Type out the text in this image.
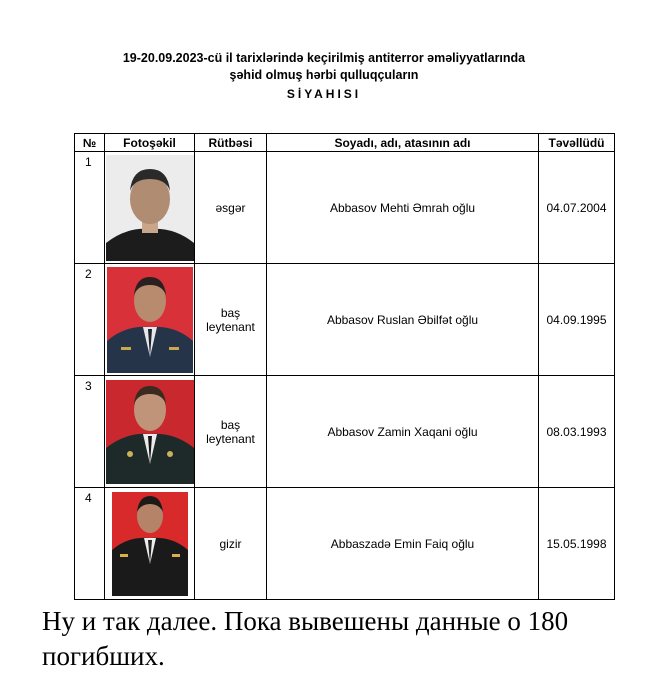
19-20.09.2023-cü il tarixlərində keçirilmiş antiterror əməliyyatlarında
şəhid olmuş hərbi qulluqçuların
SİYAHISI
№	Fotoşəkil	Rütbəsi	Soyadı, adı, atasının adı	Təvəllüdü
1		əsgər	Abbasov Mehti Əmrah oğlu	04.07.2004
2		baş leytenant	Abbasov Ruslan Əbilfət oğlu	04.09.1995
3		baş leytenant	Abbasov Zamin Xaqani oğlu	08.03.1993
4		gizir	Abbaszadə Emin Faiq oğlu	15.05.1998
Ну и так далее. Пока вывешены данные о 180 погибших.
